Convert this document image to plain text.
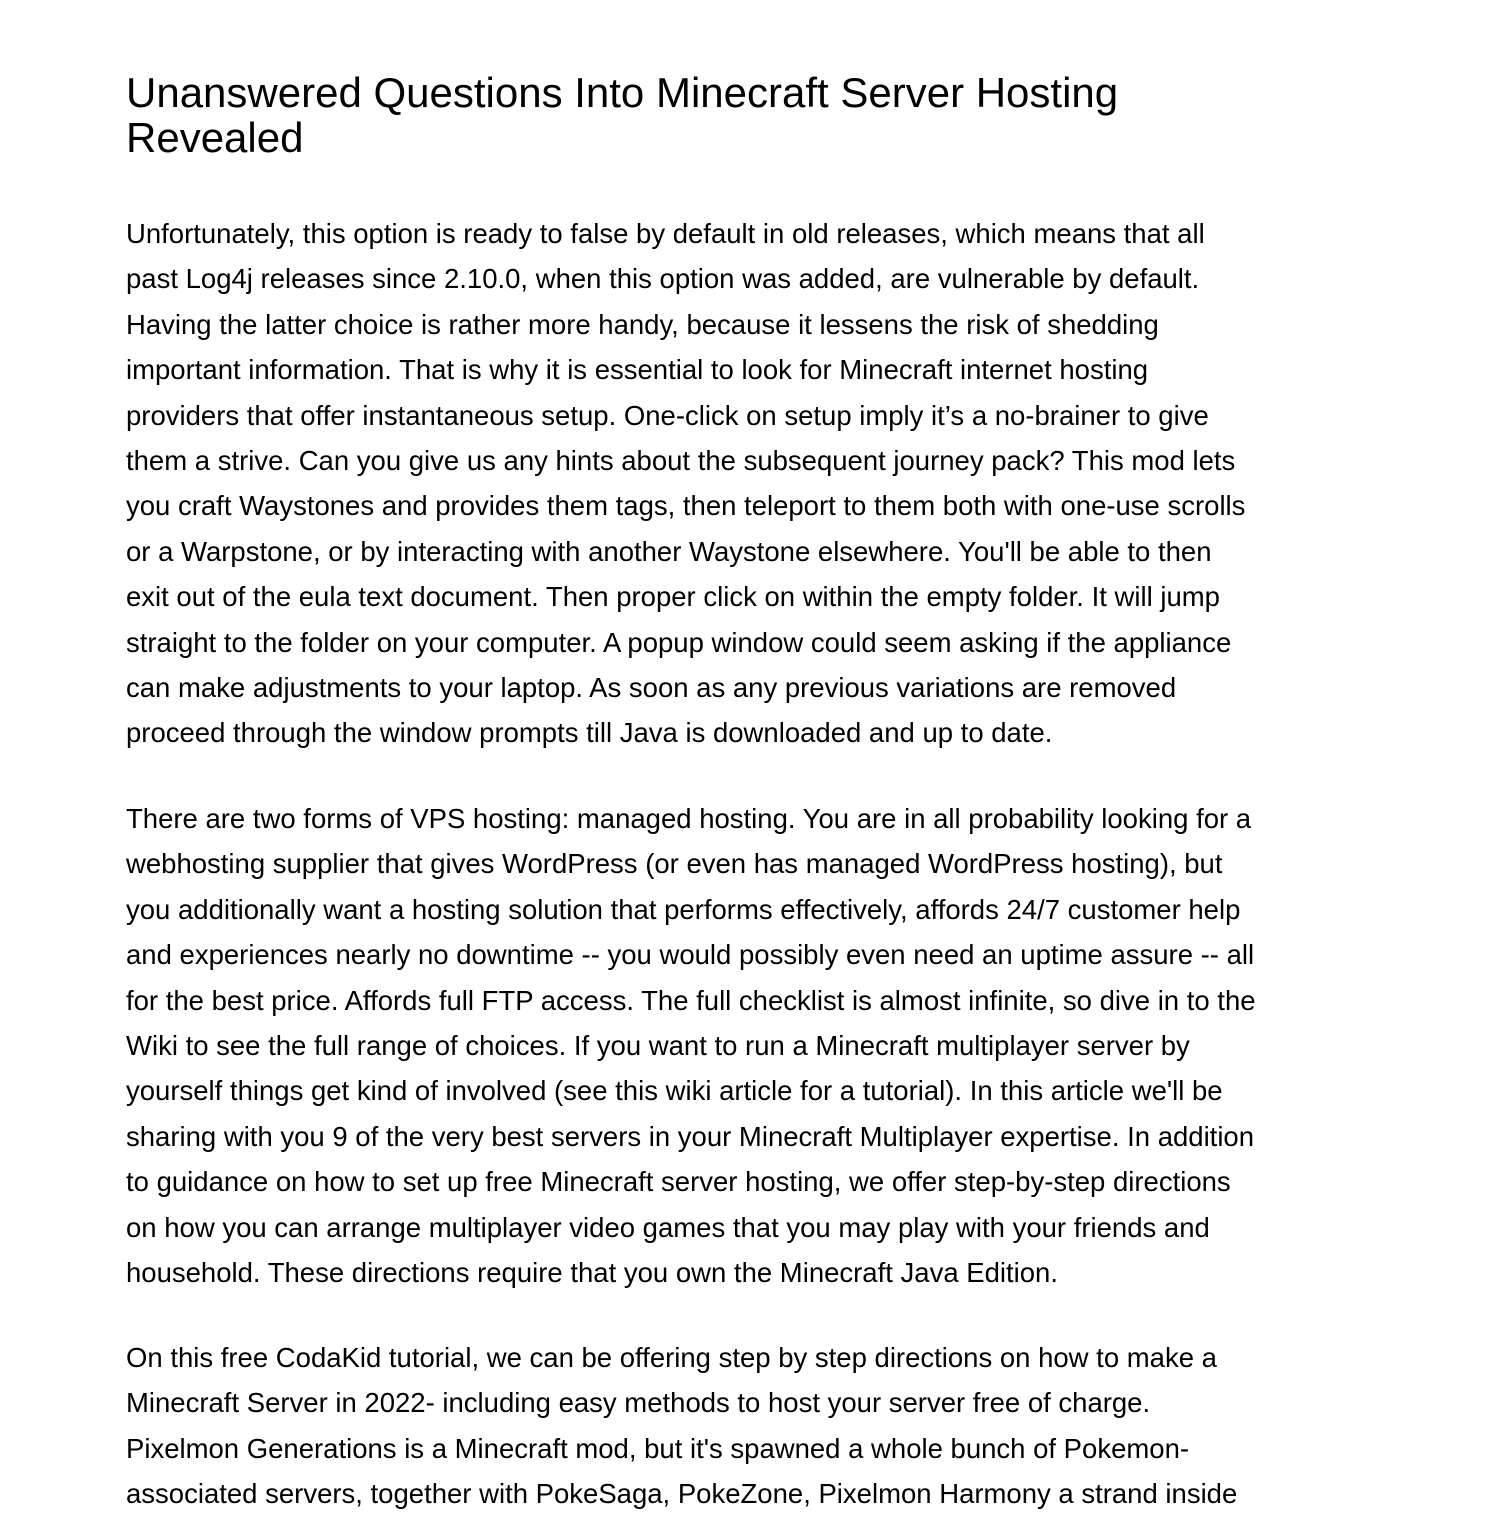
Unanswered Questions Into Minecraft Server Hosting
Revealed
Unfortunately, this option is ready to false by default in old releases, which means that all
past Log4j releases since 2.10.0, when this option was added, are vulnerable by default.
Having the latter choice is rather more handy, because it lessens the risk of shedding
important information. That is why it is essential to look for Minecraft internet hosting
providers that offer instantaneous setup. One-click on setup imply it’s a no-brainer to give
them a strive. Can you give us any hints about the subsequent journey pack? This mod lets
you craft Waystones and provides them tags, then teleport to them both with one-use scrolls
or a Warpstone, or by interacting with another Waystone elsewhere. You'll be able to then
exit out of the eula text document. Then proper click on within the empty folder. It will jump
straight to the folder on your computer. A popup window could seem asking if the appliance
can make adjustments to your laptop. As soon as any previous variations are removed
proceed through the window prompts till Java is downloaded and up to date.
There are two forms of VPS hosting: managed hosting. You are in all probability looking for a
webhosting supplier that gives WordPress (or even has managed WordPress hosting), but
you additionally want a hosting solution that performs effectively, affords 24/7 customer help
and experiences nearly no downtime -- you would possibly even need an uptime assure -- all
for the best price. Affords full FTP access. The full checklist is almost infinite, so dive in to the
Wiki to see the full range of choices. If you want to run a Minecraft multiplayer server by
yourself things get kind of involved (see this wiki article for a tutorial). In this article we'll be
sharing with you 9 of the very best servers in your Minecraft Multiplayer expertise. In addition
to guidance on how to set up free Minecraft server hosting, we offer step-by-step directions
on how you can arrange multiplayer video games that you may play with your friends and
household. These directions require that you own the Minecraft Java Edition.
On this free CodaKid tutorial, we can be offering step by step directions on how to make a
Minecraft Server in 2022- including easy methods to host your server free of charge.
Pixelmon Generations is a Minecraft mod, but it's spawned a whole bunch of Pokemon-
associated servers, together with PokeSaga, PokeZone, Pixelmon Harmony a strand inside
